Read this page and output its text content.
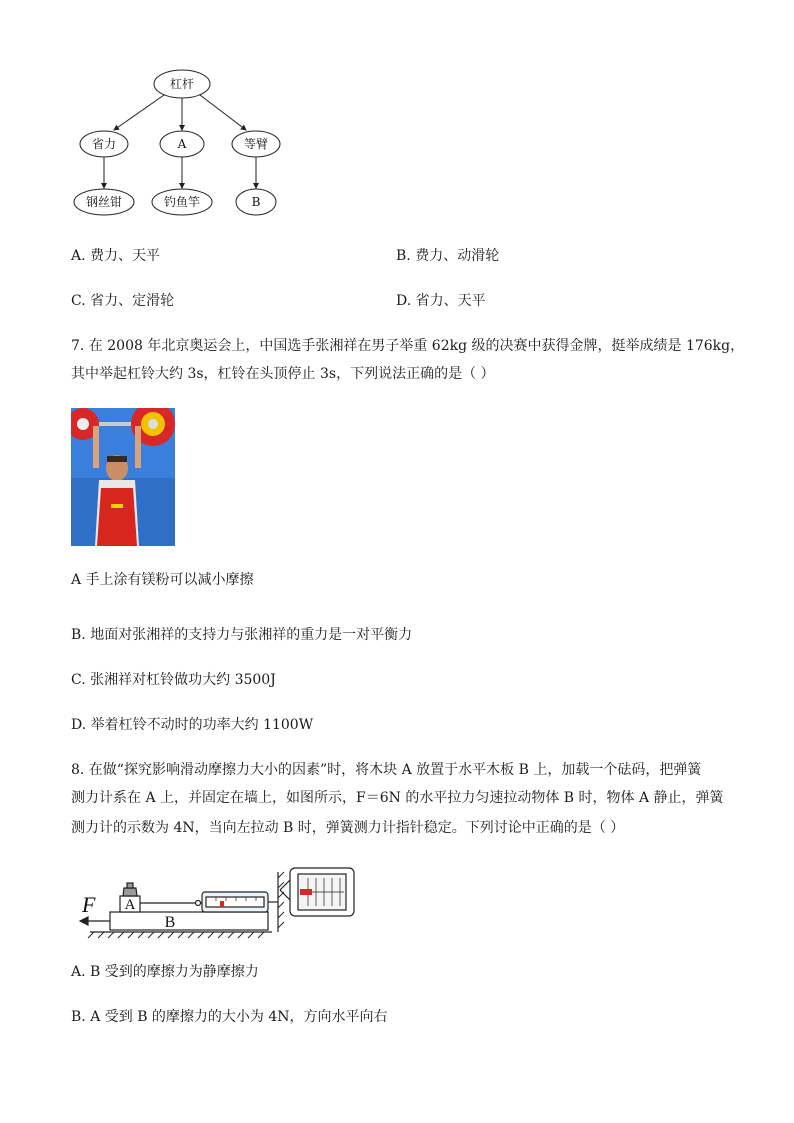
杠杆
省力	A	等臂
钢丝钳	钓鱼竿	B
A. 费力、天平	B. 费力、动滑轮
C. 省力、定滑轮	D. 省力、天平
7. 在 2008 年北京奥运会上，中国选手张湘祥在男子举重 62kg 级的决赛中获得金牌，挺举成绩是 176kg，
其中举起杠铃大约 3s，杠铃在头顶停止 3s，下列说法正确的是（ ）
A 手上涂有镁粉可以减小摩擦
B. 地面对张湘祥的支持力与张湘祥的重力是一对平衡力
C. 张湘祥对杠铃做功大约 3500J
D. 举着杠铃不动时的功率大约 1100W
8. 在做“探究影响滑动摩擦力大小的因素”时，将木块 A 放置于水平木板 B 上，加载一个砝码，把弹簧
测力计系在 A 上，并固定在墙上，如图所示，F＝6N 的水平拉力匀速拉动物体 B 时，物体 A 静止，弹簧
测力计的示数为 4N，当向左拉动 B 时，弹簧测力计指针稳定。下列讨论中正确的是（ ）
F A
B
A. B 受到的摩擦力为静摩擦力
B. A 受到 B 的摩擦力的大小为 4N，方向水平向右
